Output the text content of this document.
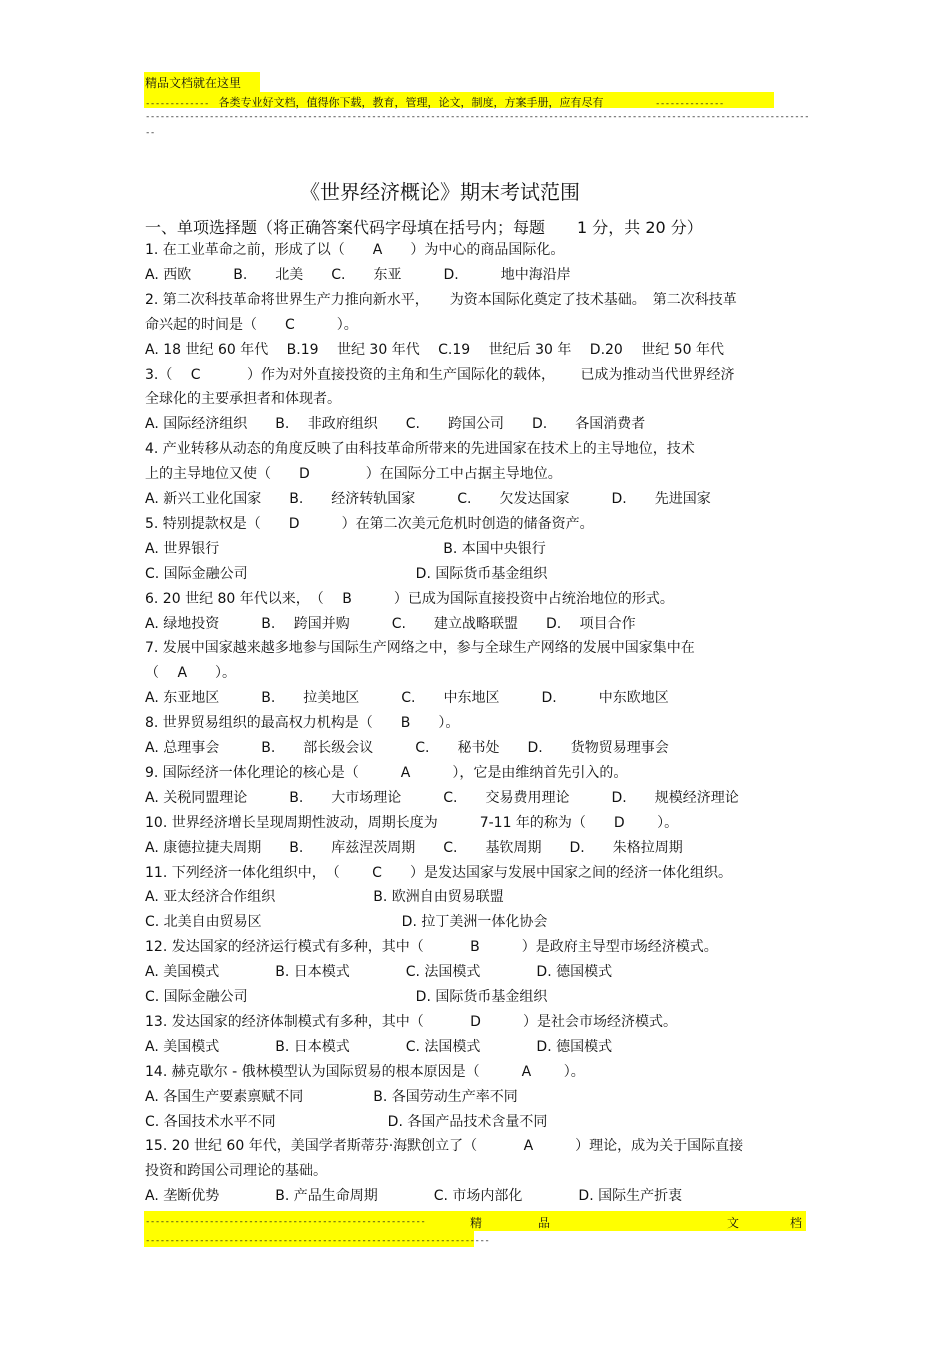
精品文档就在这里
------------- 各类专业好文档，值得你下载，教育，管理，论文，制度，方案手册，应有尽有	--------------
---------------------------------------------------------------------------------------------------------------------------------------
--
《世界经济概论》期末考试范围
一、单项选择题（将正确答案代码字母填在括号内；每题　　1 分，共 20 分）
1. 在工业革命之前，形成了以（　　A　　）为中心的商品国际化。
A. 西欧　　　B.　　北美　　C.　　东亚　　　D.　　　地中海沿岸
2. 第二次科技革命将世界生产力推向新水平，　　为资本国际化奠定了技术基础。　第二次科技革
命兴起的时间是（　　C　　　）。
A. 18 世纪 60 年代　 B.19　 世纪 30 年代　 C.19　 世纪后 30 年　 D.20　 世纪 50 年代
3.（　 C　　　 ）作为对外直接投资的主角和生产国际化的载体，　　 已成为推动当代世界经济
全球化的主要承担者和体现者。
A. 国际经济组织　　B.　 非政府组织　　C.　　跨国公司　　D.　　各国消费者
4. 产业转移从动态的角度反映了由科技革命所带来的先进国家在技术上的主导地位，技术
上的主导地位又使（　　D　　　　）在国际分工中占据主导地位。
A. 新兴工业化国家　　B.　　经济转轨国家　　　C.　　欠发达国家　　　D.　　先进国家
5. 特别提款权是（　　D　　　）在第二次美元危机时创造的储备资产。
A. 世界银行　　　　　　　　　　　　　　　　B. 本国中央银行
C. 国际金融公司　　　　　　　　　　　　D. 国际货币基金组织
6. 20 世纪 80 年代以来，　（　 B　　　）已成为国际直接投资中占统治地位的形式。
A. 绿地投资　　　B.　 跨国并购　　　C.　　建立战略联盟　　D.　 项目合作
7. 发展中国家越来越多地参与国际生产网络之中，参与全球生产网络的发展中国家集中在
（　 A　　）。
A. 东亚地区　　　B.　　拉美地区　　　C.　　中东地区　　　D.　　　中东欧地区
8. 世界贸易组织的最高权力机构是（　　B　　）。
A. 总理事会　　　B.　　部长级会议　　　C.　　秘书处　　D.　　货物贸易理事会
9. 国际经济一体化理论的核心是（　　　A　　　），它是由维纳首先引入的。
A. 关税同盟理论　　　B.　　大市场理论　　　C.　　交易费用理论　　　D.　　规模经济理论
10. 世界经济增长呈现周期性波动，周期长度为　　　7-11 年的称为（　　D　　 ）。
A. 康德拉捷夫周期　　B.　　库兹涅茨周期　　C.　　基钦周期　　D.　　朱格拉周期
11. 下列经济一体化组织中，　（　　 C　　）是发达国家与发展中国家之间的经济一体化组织。
A. 亚太经济合作组织　　　　　　　B. 欧洲自由贸易联盟
C. 北美自由贸易区　　　　　　　　　　D. 拉丁美洲一体化协会
12. 发达国家的经济运行模式有多种，其中（　　　 B　　　）是政府主导型市场经济模式。
A. 美国模式　　　　B. 日本模式　　　　C. 法国模式　　　　D. 德国模式
C. 国际金融公司　　　　　　　　　　　　D. 国际货币基金组织
13. 发达国家的经济体制模式有多种，其中（　　　 D　　　）是社会市场经济模式。
A. 美国模式　　　　B. 日本模式　　　　C. 法国模式　　　　D. 德国模式
14. 赫克歇尔 - 俄林模型认为国际贸易的根本原因是（　　　A　　 ）。
A. 各国生产要素禀赋不同　　　　　B. 各国劳动生产率不同
C. 各国技术水平不同　　　　　　　　D. 各国产品技术含量不同
15. 20 世纪 60 年代，美国学者斯蒂芬·海默创立了（　　　 A　　　）理论，成为关于国际直接
投资和跨国公司理论的基础。
A. 垄断优势　　　　B. 产品生命周期　　　　C. 市场内部化　　　　D. 国际生产折衷
---------------------------------------------------------	精	品	文	档
----------------------------------------------------------------------
